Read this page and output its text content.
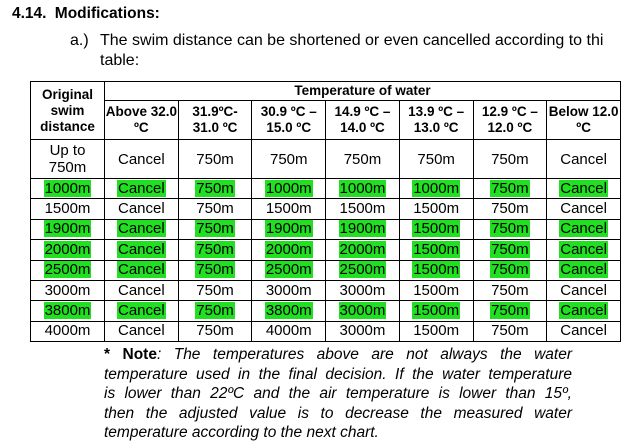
4.14. Modifications:
a.) The swim distance can be shortened or even cancelled according to thi
table:
Original swim distance	Temperature of water						
	Above 32.0 ºC	31.9ºC- 31.0 ºC	30.9 ºC – 15.0 ºC	14.9 ºC – 14.0 ºC	13.9 ºC – 13.0 ºC	12.9 ºC – 12.0 ºC	Below 12.0 ºC
Up to 750m	Cancel	750m	750m	750m	750m	750m	Cancel
1000m	Cancel	750m	1000m	1000m	1000m	750m	Cancel
1500m	Cancel	750m	1500m	1500m	1500m	750m	Cancel
1900m	Cancel	750m	1900m	1900m	1500m	750m	Cancel
2000m	Cancel	750m	2000m	2000m	1500m	750m	Cancel
2500m	Cancel	750m	2500m	2500m	1500m	750m	Cancel
3000m	Cancel	750m	3000m	3000m	1500m	750m	Cancel
3800m	Cancel	750m	3800m	3000m	1500m	750m	Cancel
4000m	Cancel	750m	4000m	3000m	1500m	750m	Cancel
* Note: The temperatures above are not always the water
temperature used in the final decision. If the water temperature
is lower than 22ºC and the air temperature is lower than 15º,
then the adjusted value is to decrease the measured water
temperature according to the next chart.
